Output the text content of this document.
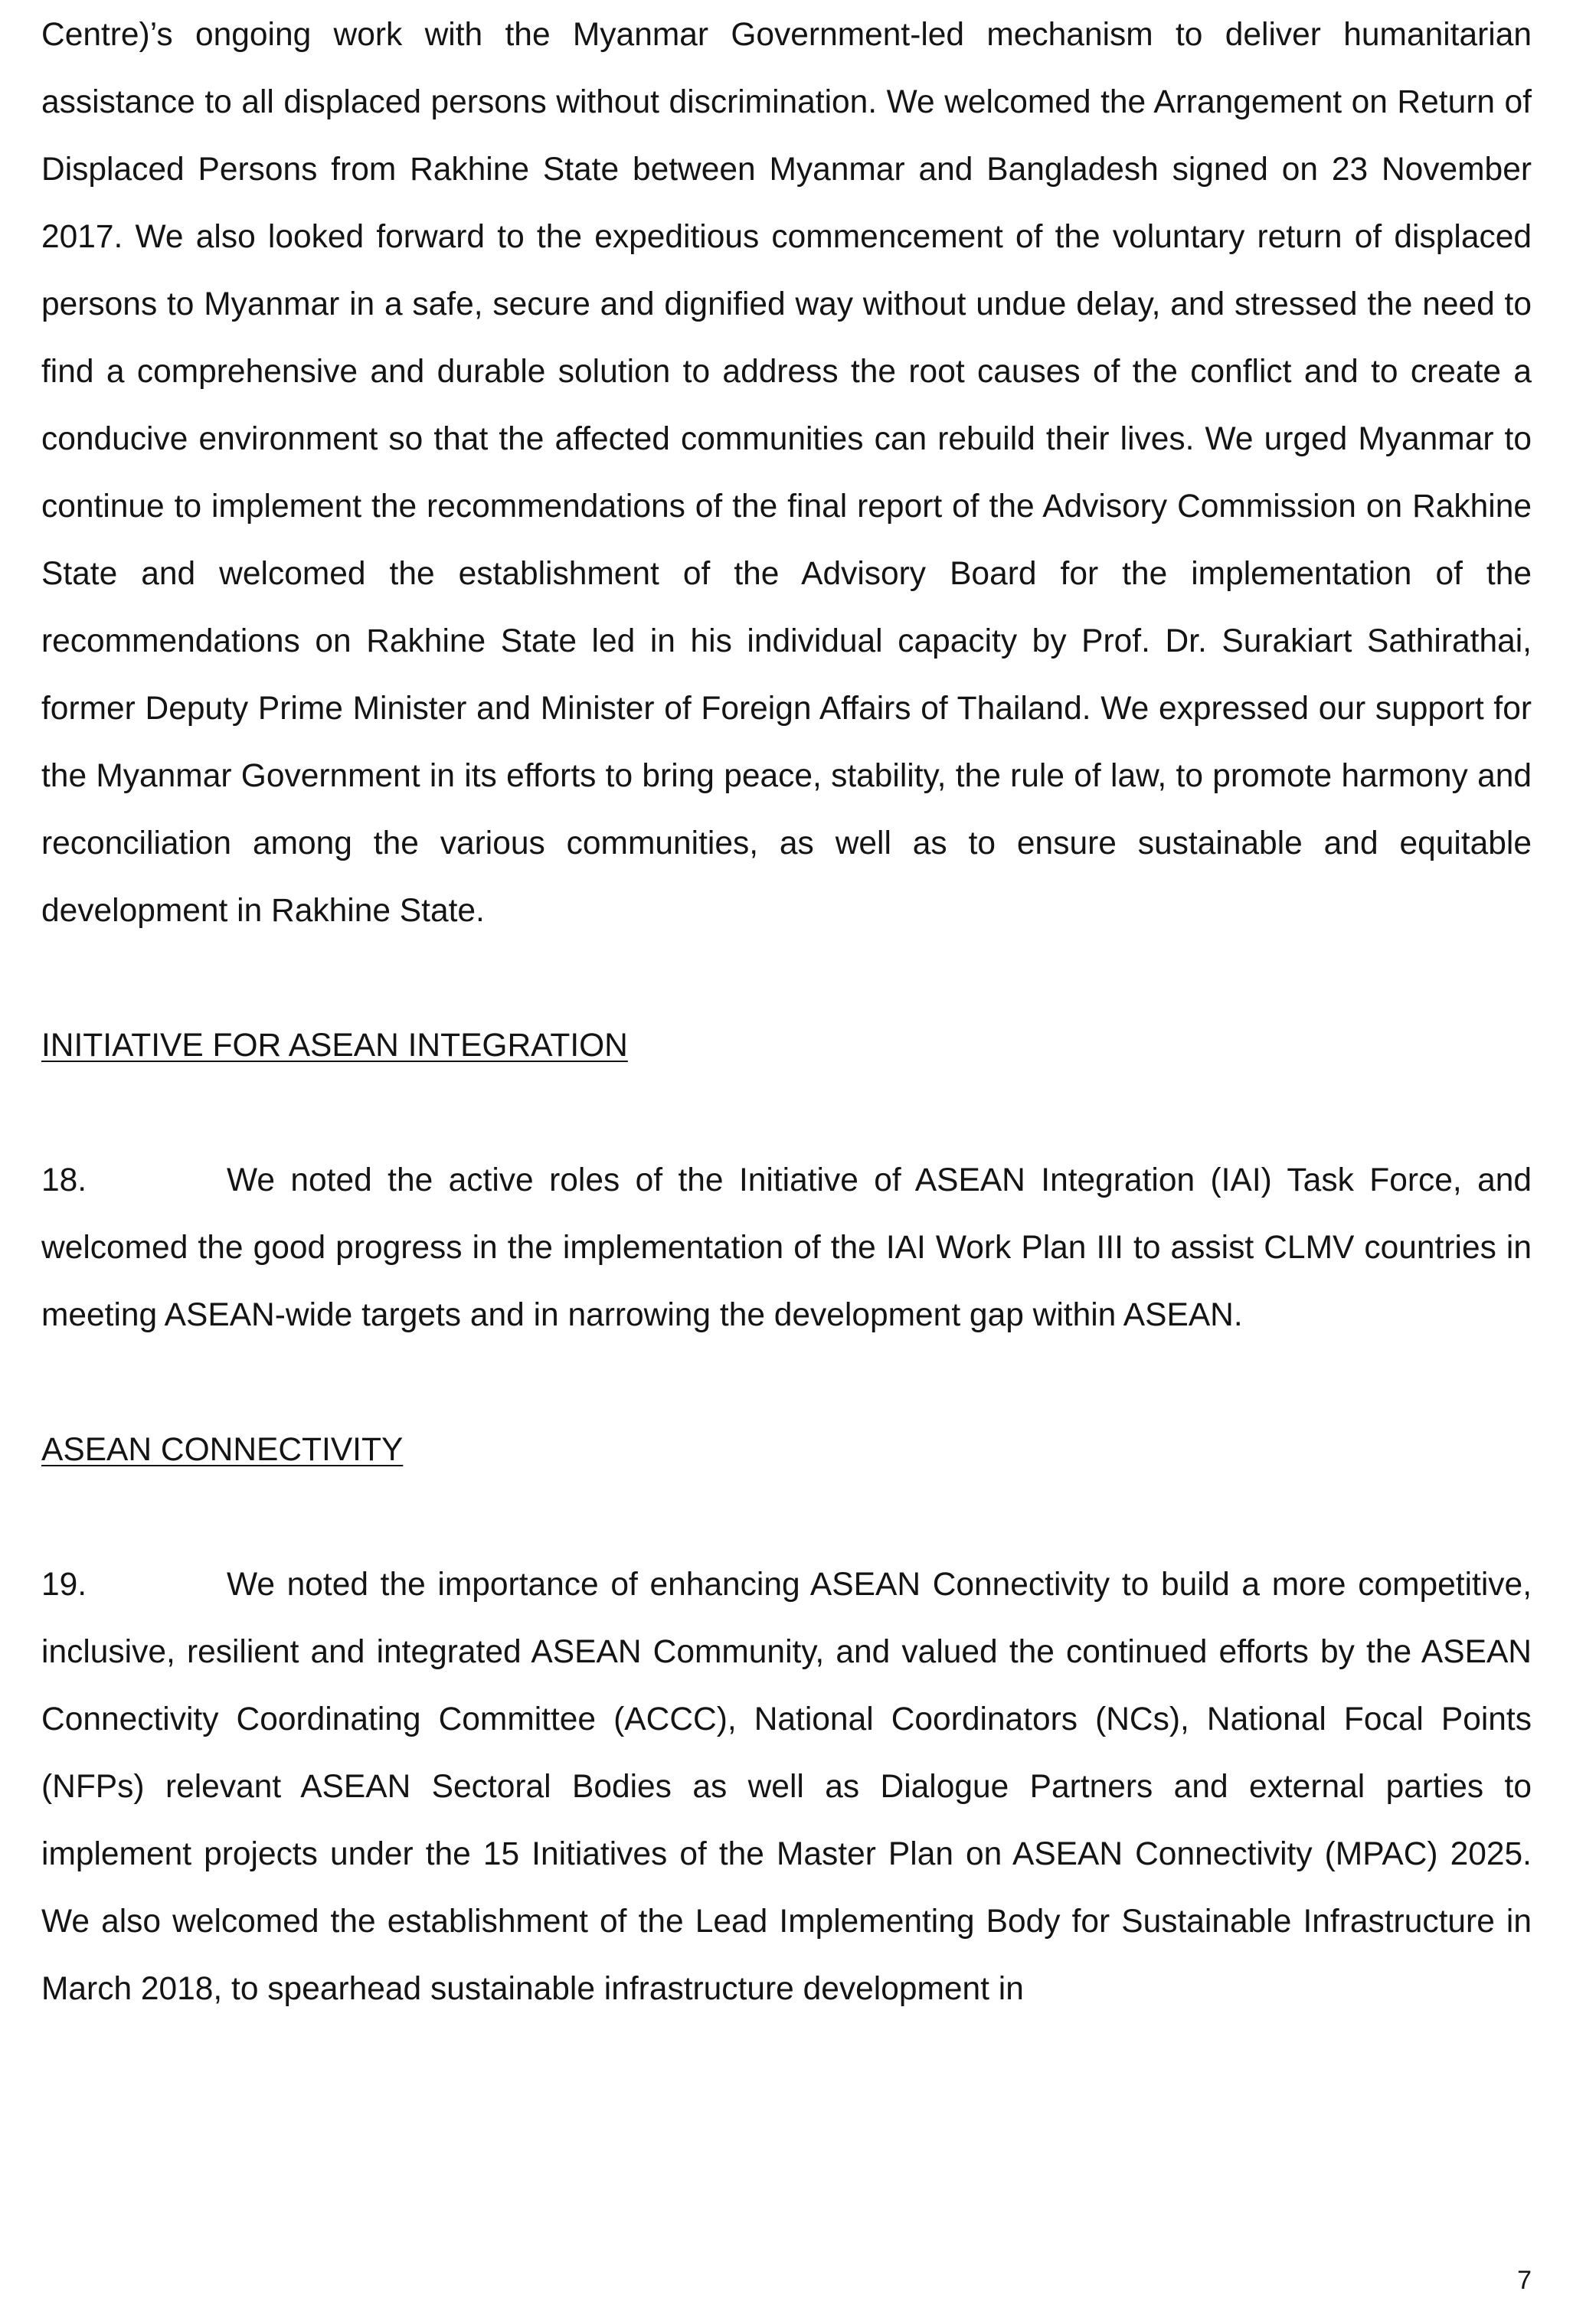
Centre)’s ongoing work with the Myanmar Government-led mechanism to deliver humanitarian assistance to all displaced persons without discrimination. We welcomed the Arrangement on Return of Displaced Persons from Rakhine State between Myanmar and Bangladesh signed on 23 November 2017. We also looked forward to the expeditious commencement of the voluntary return of displaced persons to Myanmar in a safe, secure and dignified way without undue delay, and stressed the need to find a comprehensive and durable solution to address the root causes of the conflict and to create a conducive environment so that the affected communities can rebuild their lives. We urged Myanmar to continue to implement the recommendations of the final report of the Advisory Commission on Rakhine State and welcomed the establishment of the Advisory Board for the implementation of the recommendations on Rakhine State led in his individual capacity by Prof. Dr. Surakiart Sathirathai, former Deputy Prime Minister and Minister of Foreign Affairs of Thailand. We expressed our support for the Myanmar Government in its efforts to bring peace, stability, the rule of law, to promote harmony and reconciliation among the various communities, as well as to ensure sustainable and equitable development in Rakhine State.

INITIATIVE FOR ASEAN INTEGRATION

18.	We noted the active roles of the Initiative of ASEAN Integration (IAI) Task Force, and welcomed the good progress in the implementation of the IAI Work Plan III to assist CLMV countries in meeting ASEAN-wide targets and in narrowing the development gap within ASEAN.

ASEAN CONNECTIVITY

19.	We noted the importance of enhancing ASEAN Connectivity to build a more competitive, inclusive, resilient and integrated ASEAN Community, and valued the continued efforts by the ASEAN Connectivity Coordinating Committee (ACCC), National Coordinators (NCs), National Focal Points (NFPs) relevant ASEAN Sectoral Bodies as well as Dialogue Partners and external parties to implement projects under the 15 Initiatives of the Master Plan on ASEAN Connectivity (MPAC) 2025. We also welcomed the establishment of the Lead Implementing Body for Sustainable Infrastructure in March 2018, to spearhead sustainable infrastructure development in

7
